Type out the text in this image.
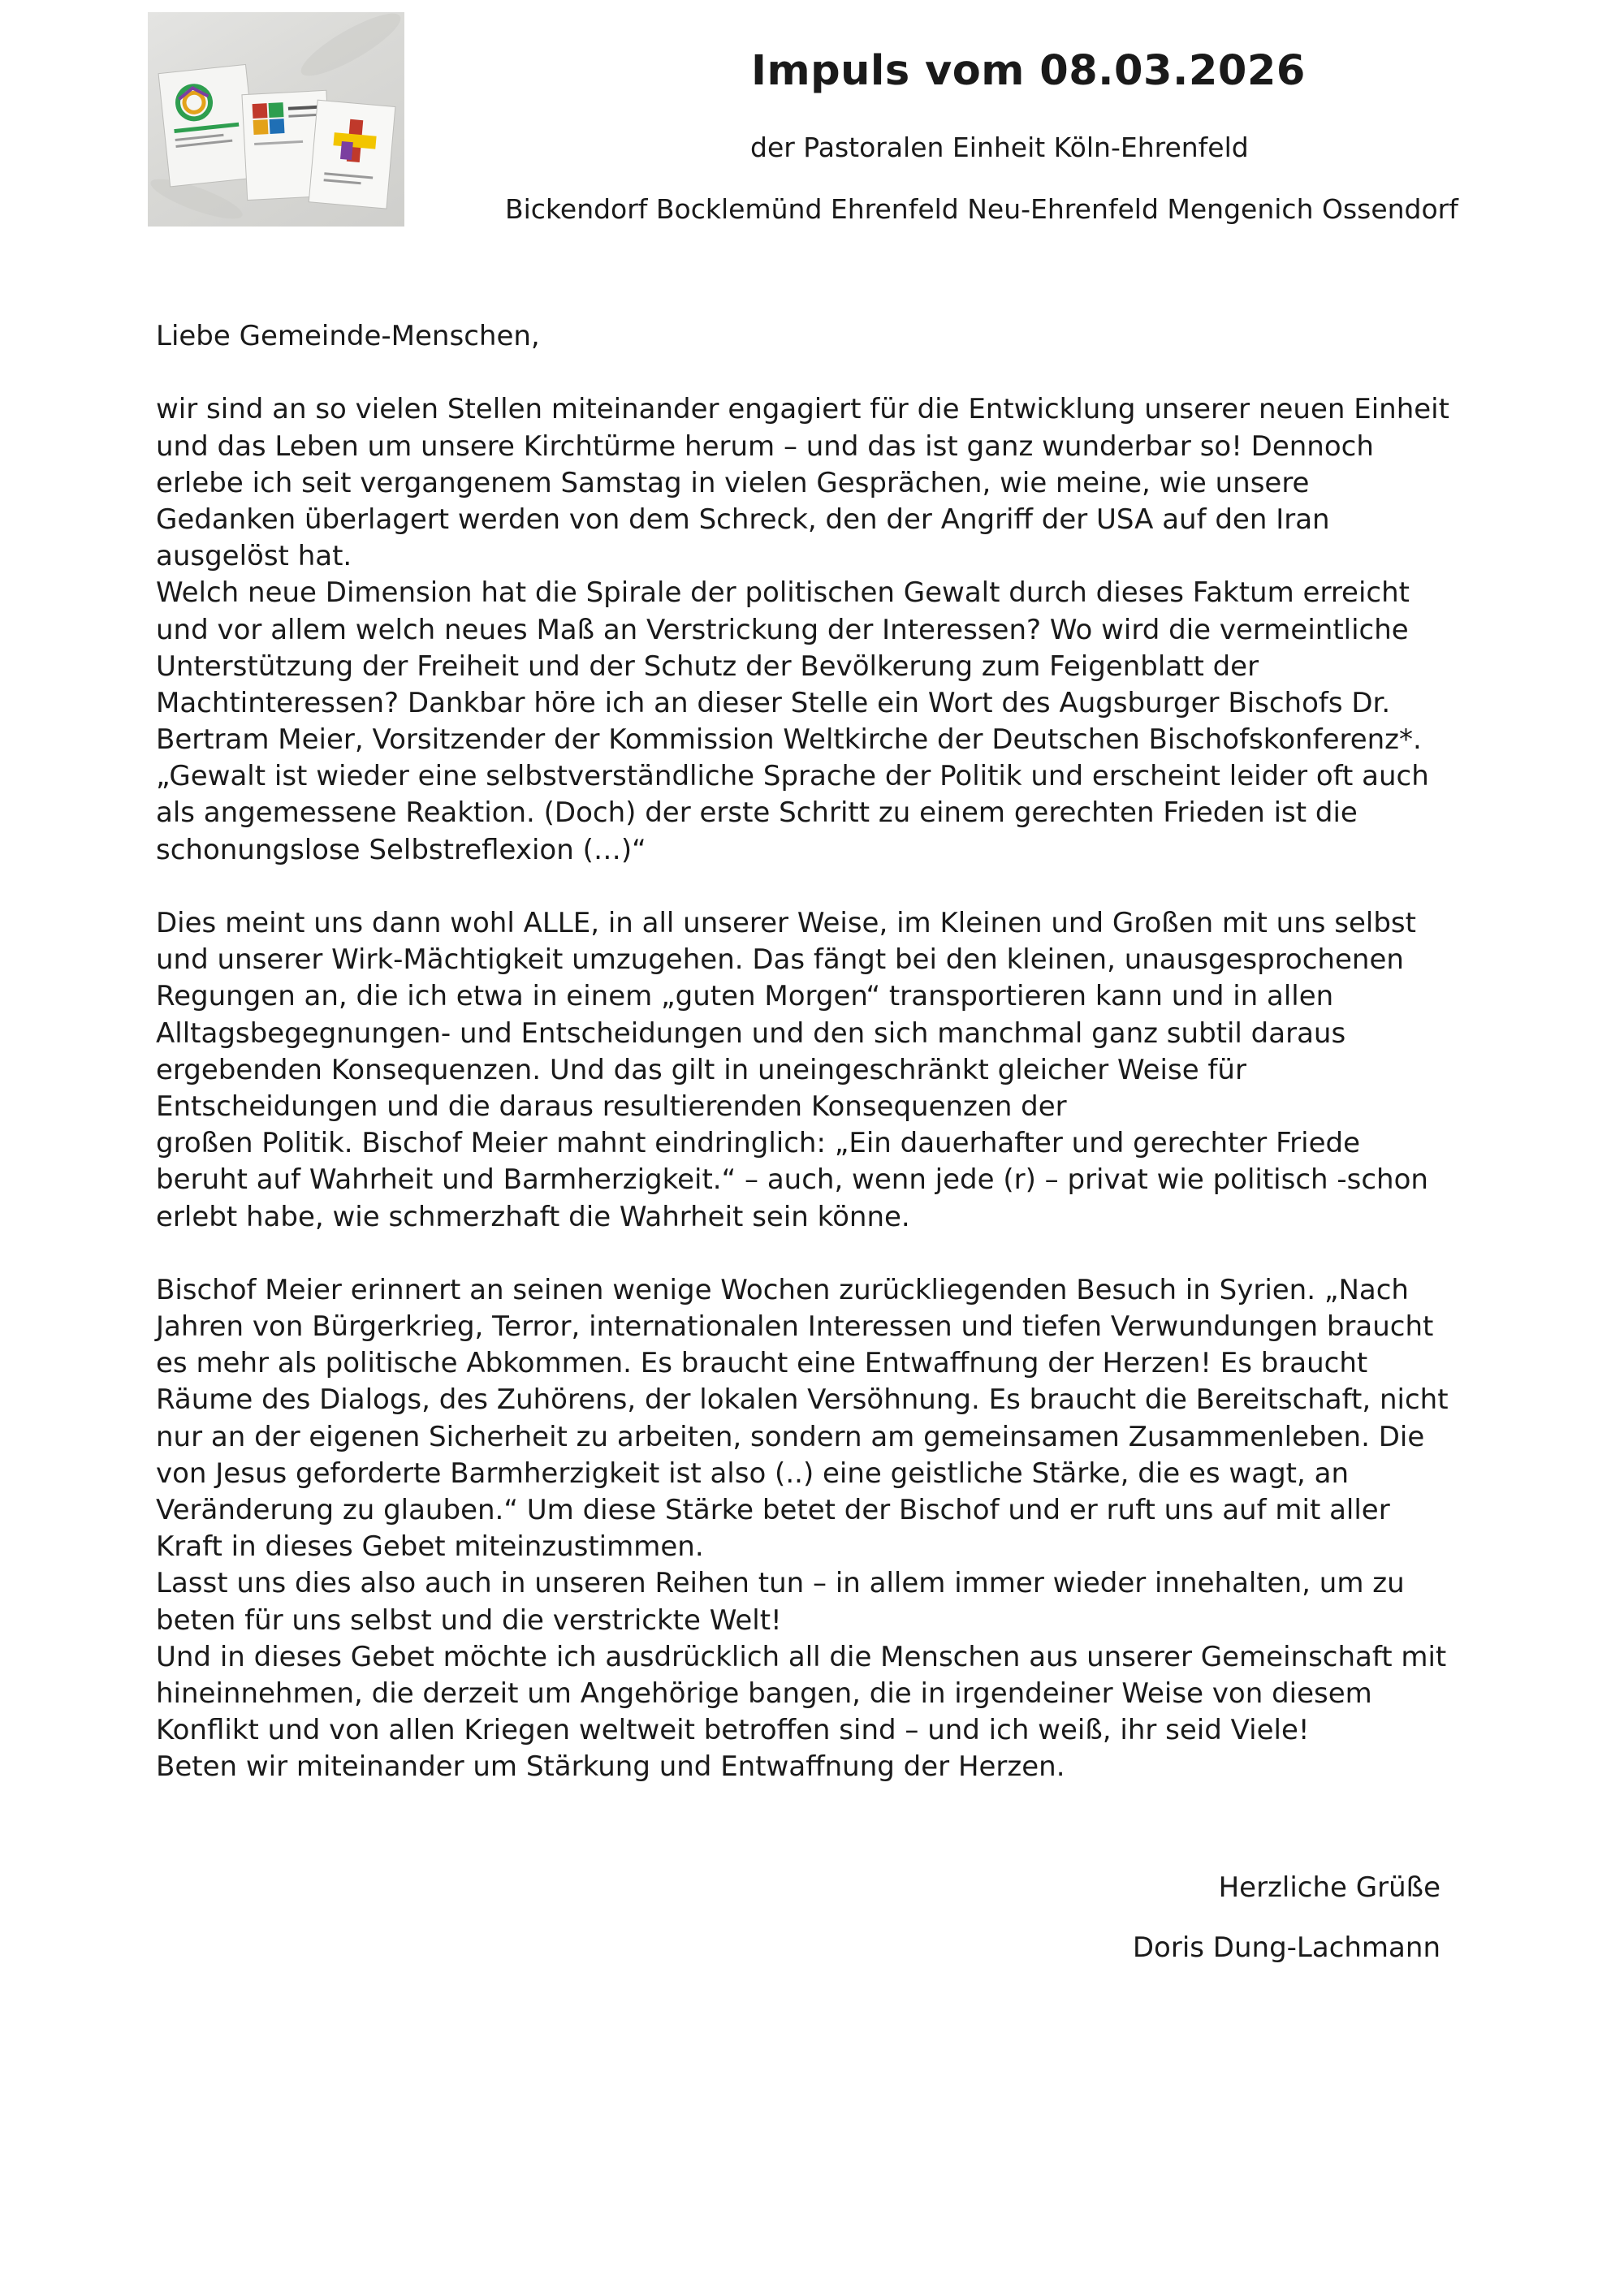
Impuls vom 08.03.2026
der Pastoralen Einheit Köln-Ehrenfeld
Bickendorf Bocklemünd Ehrenfeld Neu-Ehrenfeld Mengenich Ossendorf
Liebe Gemeinde-Menschen,
wir sind an so vielen Stellen miteinander engagiert für die Entwicklung unserer neuen Einheit
und das Leben um unsere Kirchtürme herum – und das ist ganz wunderbar so! Dennoch
erlebe ich seit vergangenem Samstag in vielen Gesprächen, wie meine, wie unsere
Gedanken überlagert werden von dem Schreck, den der Angriff der USA auf den Iran
ausgelöst hat.
Welch neue Dimension hat die Spirale der politischen Gewalt durch dieses Faktum erreicht
und vor allem welch neues Maß an Verstrickung der Interessen? Wo wird die vermeintliche
Unterstützung der Freiheit und der Schutz der Bevölkerung zum Feigenblatt der
Machtinteressen? Dankbar höre ich an dieser Stelle ein Wort des Augsburger Bischofs Dr.
Bertram Meier, Vorsitzender der Kommission Weltkirche der Deutschen Bischofskonferenz*.
„Gewalt ist wieder eine selbstverständliche Sprache der Politik und erscheint leider oft auch
als angemessene Reaktion. (Doch) der erste Schritt zu einem gerechten Frieden ist die
schonungslose Selbstreflexion (…)“
Dies meint uns dann wohl ALLE, in all unserer Weise, im Kleinen und Großen mit uns selbst
und unserer Wirk-Mächtigkeit umzugehen. Das fängt bei den kleinen, unausgesprochenen
Regungen an, die ich etwa in einem „guten Morgen“ transportieren kann und in allen
Alltagsbegegnungen- und Entscheidungen und den sich manchmal ganz subtil daraus
ergebenden Konsequenzen. Und das gilt in uneingeschränkt gleicher Weise für
Entscheidungen und die daraus resultierenden Konsequenzen der
großen Politik. Bischof Meier mahnt eindringlich: „Ein dauerhafter und gerechter Friede
beruht auf Wahrheit und Barmherzigkeit.“ – auch, wenn jede (r) – privat wie politisch -schon
erlebt habe, wie schmerzhaft die Wahrheit sein könne.
Bischof Meier erinnert an seinen wenige Wochen zurückliegenden Besuch in Syrien. „Nach
Jahren von Bürgerkrieg, Terror, internationalen Interessen und tiefen Verwundungen braucht
es mehr als politische Abkommen. Es braucht eine Entwaffnung der Herzen! Es braucht
Räume des Dialogs, des Zuhörens, der lokalen Versöhnung. Es braucht die Bereitschaft, nicht
nur an der eigenen Sicherheit zu arbeiten, sondern am gemeinsamen Zusammenleben. Die
von Jesus geforderte Barmherzigkeit ist also (..) eine geistliche Stärke, die es wagt, an
Veränderung zu glauben.“ Um diese Stärke betet der Bischof und er ruft uns auf mit aller
Kraft in dieses Gebet miteinzustimmen.
Lasst uns dies also auch in unseren Reihen tun – in allem immer wieder innehalten, um zu
beten für uns selbst und die verstrickte Welt!
Und in dieses Gebet möchte ich ausdrücklich all die Menschen aus unserer Gemeinschaft mit
hineinnehmen, die derzeit um Angehörige bangen, die in irgendeiner Weise von diesem
Konflikt und von allen Kriegen weltweit betroffen sind – und ich weiß, ihr seid Viele!
Beten wir miteinander um Stärkung und Entwaffnung der Herzen.
Herzliche Grüße
Doris Dung-Lachmann
